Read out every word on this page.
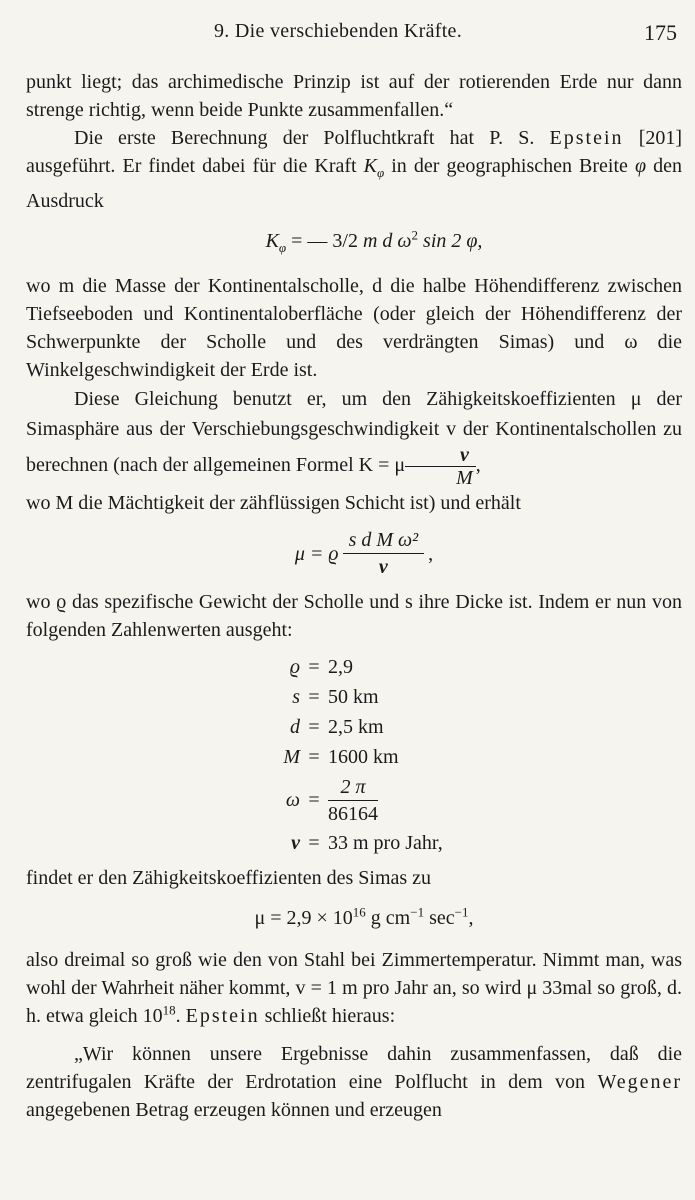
9. Die verschiebenden Kräfte.	175

punkt liegt; das archimedische Prinzip ist auf der rotierenden Erde nur dann strenge richtig, wenn beide Punkte zusammenfallen.“

Die erste Berechnung der Polfluchtkraft hat P. S. Epstein [201] ausgeführt. Er findet dabei für die Kraft $K_\varphi$ in der geographischen Breite φ den Ausdruck

$K_\varphi$ = — 3/2 m d $\omega^2$ sin 2 φ,

wo m die Masse der Kontinentalscholle, d die halbe Höhendifferenz zwischen Tiefseeboden und Kontinentaloberfläche (oder gleich der Höhendifferenz der Schwerpunkte der Scholle und des verdrängten Simas) und ω die Winkelgeschwindigkeit der Erde ist.

Diese Gleichung benutzt er, um den Zähigkeitskoeffizienten μ der Simasphäre aus der Verschiebungsgeschwindigkeit v der Kontinentalschollen zu berechnen (nach der allgemeinen Formel K = μ $\frac{v}{M}$ ,

wo M die Mächtigkeit der zähflüssigen Schicht ist) und erhält

μ = ϱ $\frac{\text{s d M ω²}}{v}$ ,

wo ϱ das spezifische Gewicht der Scholle und s ihre Dicke ist. Indem er nun von folgenden Zahlenwerten ausgeht:

ϱ = 2,9
s = 50 km
d = 2,5 km
M = 1600 km
$\omega = \frac{2 \pi}{86164}$
v = 33 m pro Jahr,

findet er den Zähigkeitskoeffizienten des Simas zu

$\mu = 2,9 \times 10^{16}$ g $cm^{-1}$ $\sec^{-1}$,

also dreimal so groß wie den von Stahl bei Zimmertemperatur. Nimmt man, was wohl der Wahrheit näher kommt, v = 1 m pro Jahr an, so wird μ 33mal so groß, d. h. etwa gleich $10^{18}$. Epstein schließt hieraus:

„Wir können unsere Ergebnisse dahin zusammenfassen, daß die zentrifugalen Kräfte der Erdrotation eine Polflucht in dem von Wegener angegebenen Betrag erzeugen können und erzeugen
